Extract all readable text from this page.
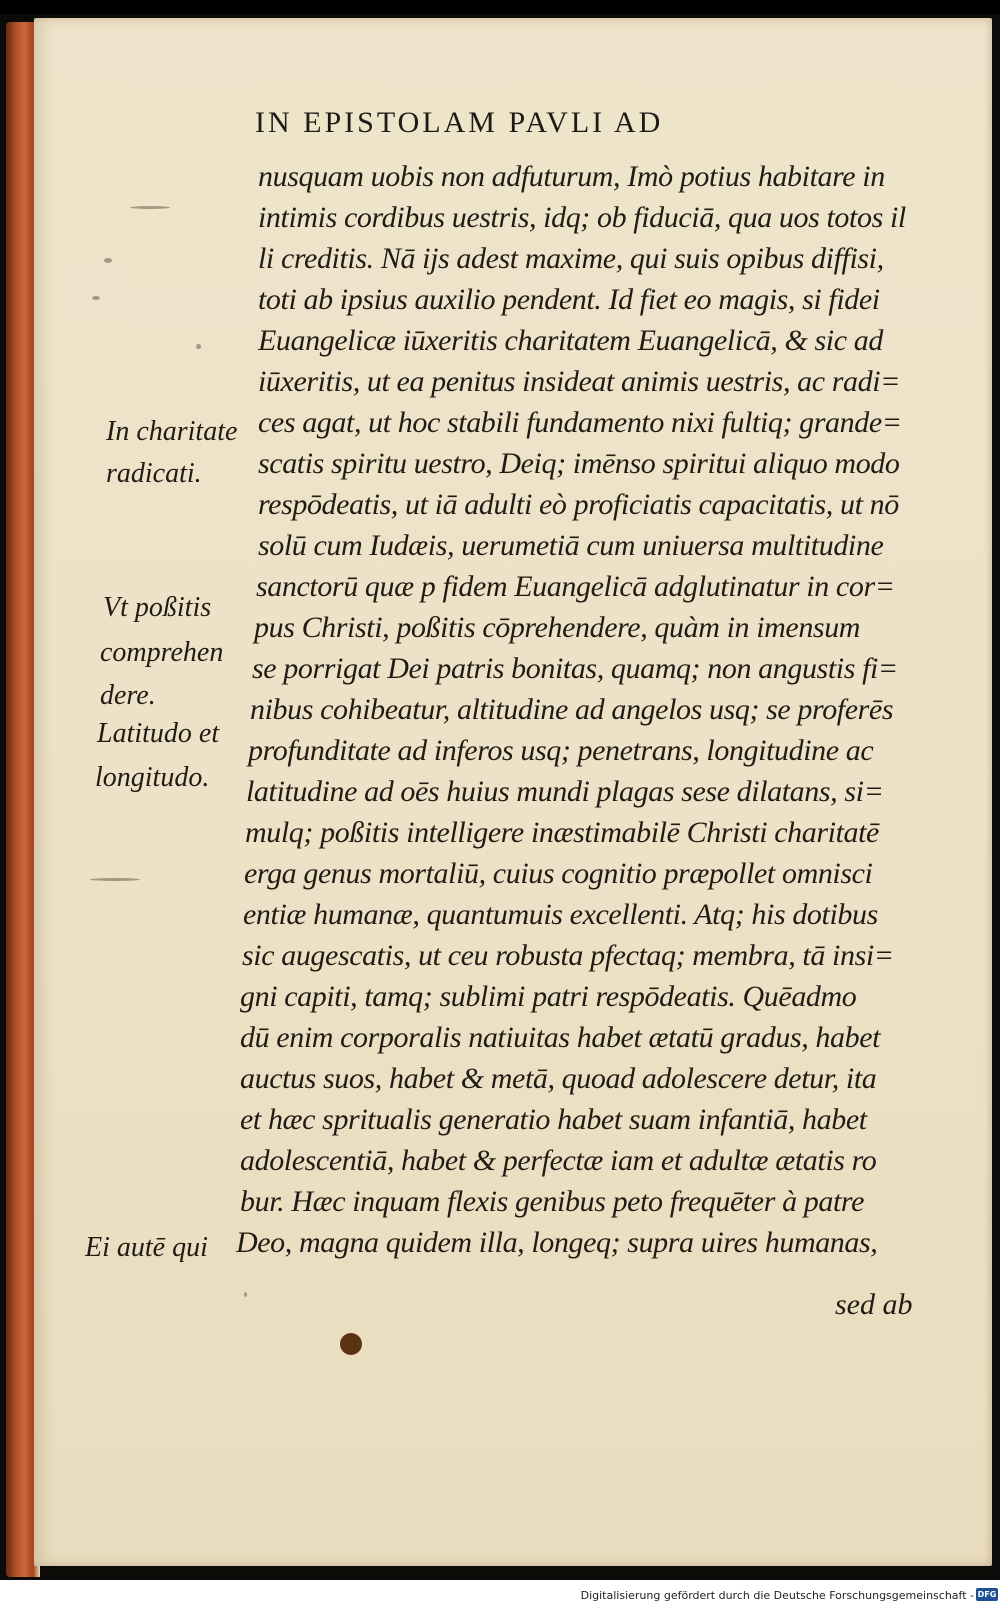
IN EPISTOLAM PAVLI AD
nusquam uobis non adfuturum, Imò potius habitare in
intimis cordibus uestris, idq; ob fiduciā, qua uos totos il
li creditis. Nā ijs adest maxime, qui suis opibus diffisi,
toti ab ipsius auxilio pendent. Id fiet eo magis, si fidei
Euangelicæ iūxeritis charitatem Euangelicā, & sic ad
iūxeritis, ut ea penitus insideat animis uestris, ac radi=
ces agat, ut hoc stabili fundamento nixi fultiq; grande=
scatis spiritu uestro, Deiq; imēnso spiritui aliquo modo
respōdeatis, ut iā adulti eò proficiatis capacitatis, ut nō
solū cum Iudæis, uerumetiā cum uniuersa multitudine
sanctorū quæ p fidem Euangelicā adglutinatur in cor=
pus Christi, poßitis cōprehendere, quàm in imensum
se porrigat Dei patris bonitas, quamq; non angustis fi=
nibus cohibeatur, altitudine ad angelos usq; se proferēs
profunditate ad inferos usq; penetrans, longitudine ac
latitudine ad oēs huius mundi plagas sese dilatans, si=
mulq; poßitis intelligere inæstimabilē Christi charitatē
erga genus mortaliū, cuius cognitio præpollet omnisci
entiæ humanæ, quantumuis excellenti. Atq; his dotibus
sic augescatis, ut ceu robusta pfectaq; membra, tā insi=
gni capiti, tamq; sublimi patri respōdeatis. Quēadmo
dū enim corporalis natiuitas habet ætatū gradus, habet
auctus suos, habet & metā, quoad adolescere detur, ita
et hæc spritualis generatio habet suam infantiā, habet
adolescentiā, habet & perfectæ iam et adultæ ætatis ro
bur. Hæc inquam flexis genibus peto frequēter à patre
Deo, magna quidem illa, longeq; supra uires humanas,
In charitate
radicati.
Vt poßitis
comprehen
dere.
Latitudo et
longitudo.
Ei autē qui
sed ab
Digitalisierung gefördert durch die Deutsche Forschungsgemeinschaft - DFG
